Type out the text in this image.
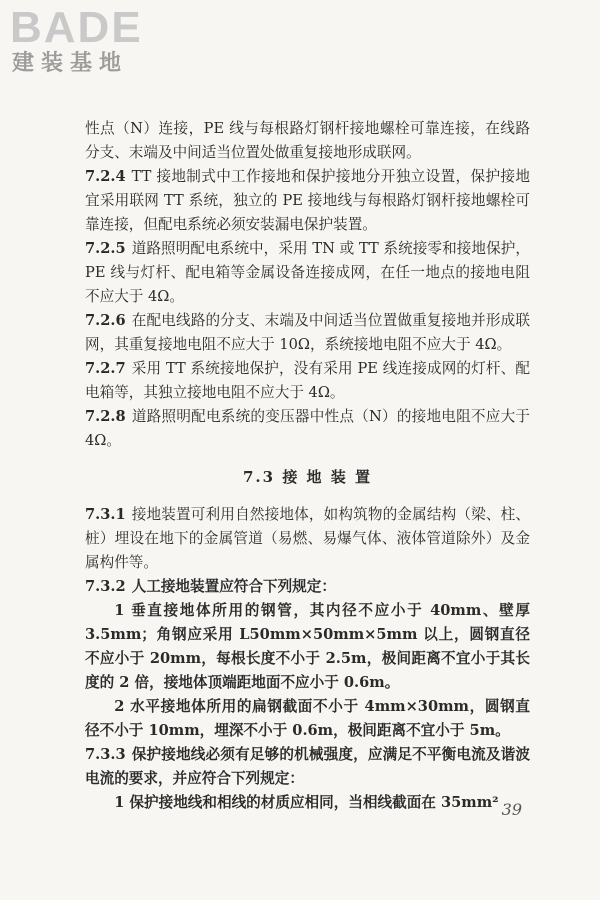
BADE
建装基地

性点（N）连接，PE 线与每根路灯钢杆接地螺栓可靠连接，在线路分支、末端及中间适当位置处做重复接地形成联网。

7.2.4 TT 接地制式中工作接地和保护接地分开独立设置，保护接地宜采用联网 TT 系统，独立的 PE 接地线与每根路灯钢杆接地螺栓可靠连接，但配电系统必须安装漏电保护装置。

7.2.5 道路照明配电系统中，采用 TN 或 TT 系统接零和接地保护，PE 线与灯杆、配电箱等金属设备连接成网，在任一地点的接地电阻不应大于 4Ω。

7.2.6 在配电线路的分支、末端及中间适当位置做重复接地并形成联网，其重复接地电阻不应大于 10Ω，系统接地电阻不应大于 4Ω。

7.2.7 采用 TT 系统接地保护，没有采用 PE 线连接成网的灯杆、配电箱等，其独立接地电阻不应大于 4Ω。

7.2.8 道路照明配电系统的变压器中性点（N）的接地电阻不应大于 4Ω。

7.3 接 地 装 置

7.3.1 接地装置可利用自然接地体，如构筑物的金属结构（梁、柱、桩）埋设在地下的金属管道（易燃、易爆气体、液体管道除外）及金属构件等。

7.3.2 人工接地装置应符合下列规定：

1 垂直接地体所用的钢管，其内径不应小于 40mm、壁厚 3.5mm；角钢应采用 L50mm×50mm×5mm 以上，圆钢直径不应小于 20mm，每根长度不小于 2.5m，极间距离不宜小于其长度的 2 倍，接地体顶端距地面不应小于 0.6m。

2 水平接地体所用的扁钢截面不小于 4mm×30mm，圆钢直径不小于 10mm，埋深不小于 0.6m，极间距离不宜小于 5m。

7.3.3 保护接地线必须有足够的机械强度，应满足不平衡电流及谐波电流的要求，并应符合下列规定：

1 保护接地线和相线的材质应相同，当相线截面在 35mm² 39
